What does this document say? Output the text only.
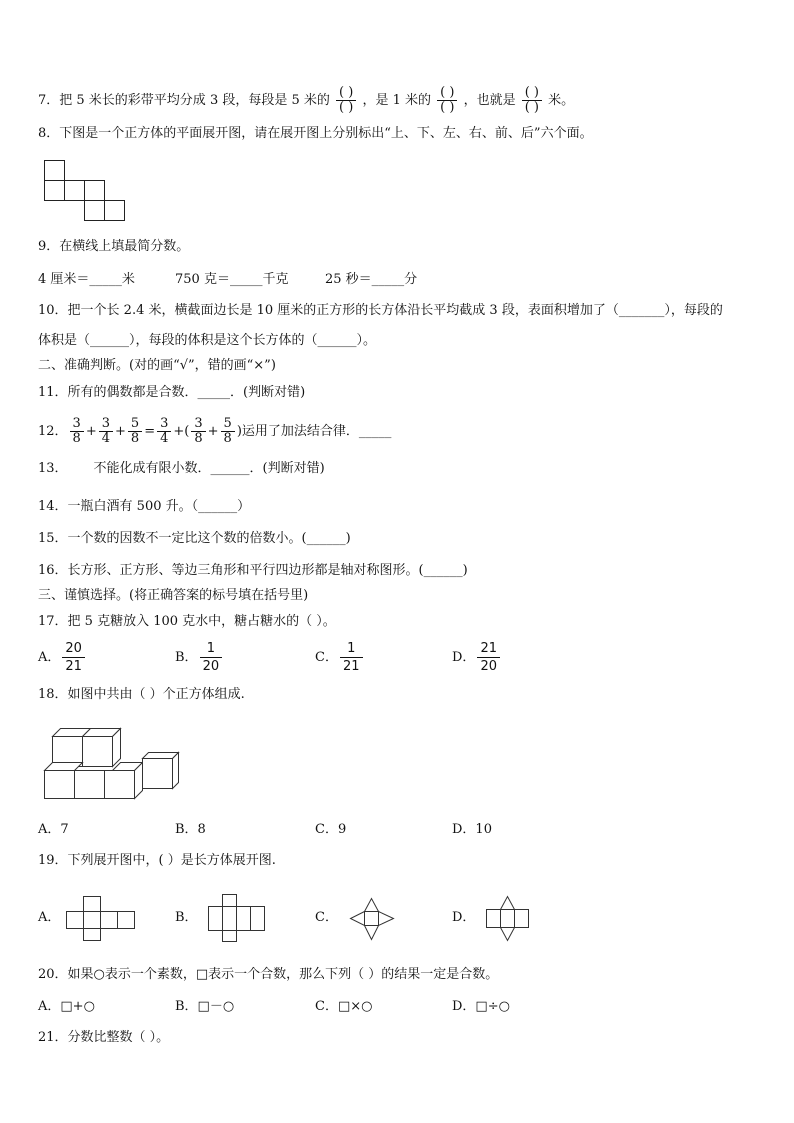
7．把 5 米长的彩带平均分成 3 段，每段是 5 米的 $\frac{( )}{( )}$ ，是 1 米的 $\frac{( )}{( )}$ ，也就是 $\frac{( )}{( )}$ 米。
8．下图是一个正方体的平面展开图，请在展开图上分别标出“上、下、左、右、前、后”六个面。
9．在横线上填最简分数。
4 厘米＝_____米	750 克＝_____千克	25 秒＝_____分
10．把一个长 2.4 米，横截面边长是 10 厘米的正方形的长方体沿长平均截成 3 段，表面积增加了（_______），每段的
体积是（______），每段的体积是这个长方体的（______）。
二、准确判断。(对的画“√”，错的画“×”)
11．所有的偶数都是合数．_____．(判断对错)
12． $\frac{3}{8} + \frac{3}{4} + \frac{5}{8} = \frac{3}{4}$ +( $\frac{3}{8} + \frac{5}{8}$ )运用了加法结合律．_____
13． 不能化成有限小数．______．(判断对错)
14．一瓶白酒有 500 升。（______）
15．一个数的因数不一定比这个数的倍数小。(______)
16．长方形、正方形、等边三角形和平行四边形都是轴对称图形。(______)
三、谨慎选择。(将正确答案的标号填在括号里)
17．把 5 克糖放入 100 克水中，糖占糖水的（ ）。
A． $\frac{20}{21}$	B． $\frac{1}{20}$	C． $\frac{1}{21}$	D． $\frac{21}{20}$
18．如图中共由（ ）个正方体组成.
A．7	B．8	C．9	D．10
19．下列展开图中，( ）是长方体展开图.
A．	B．	C．	D．
20．如果○表示一个素数，□表示一个合数，那么下列（ ）的结果一定是合数。
A．□+○	B．□－○	C．□×○	D．□÷○
21．分数比整数（ ）。
